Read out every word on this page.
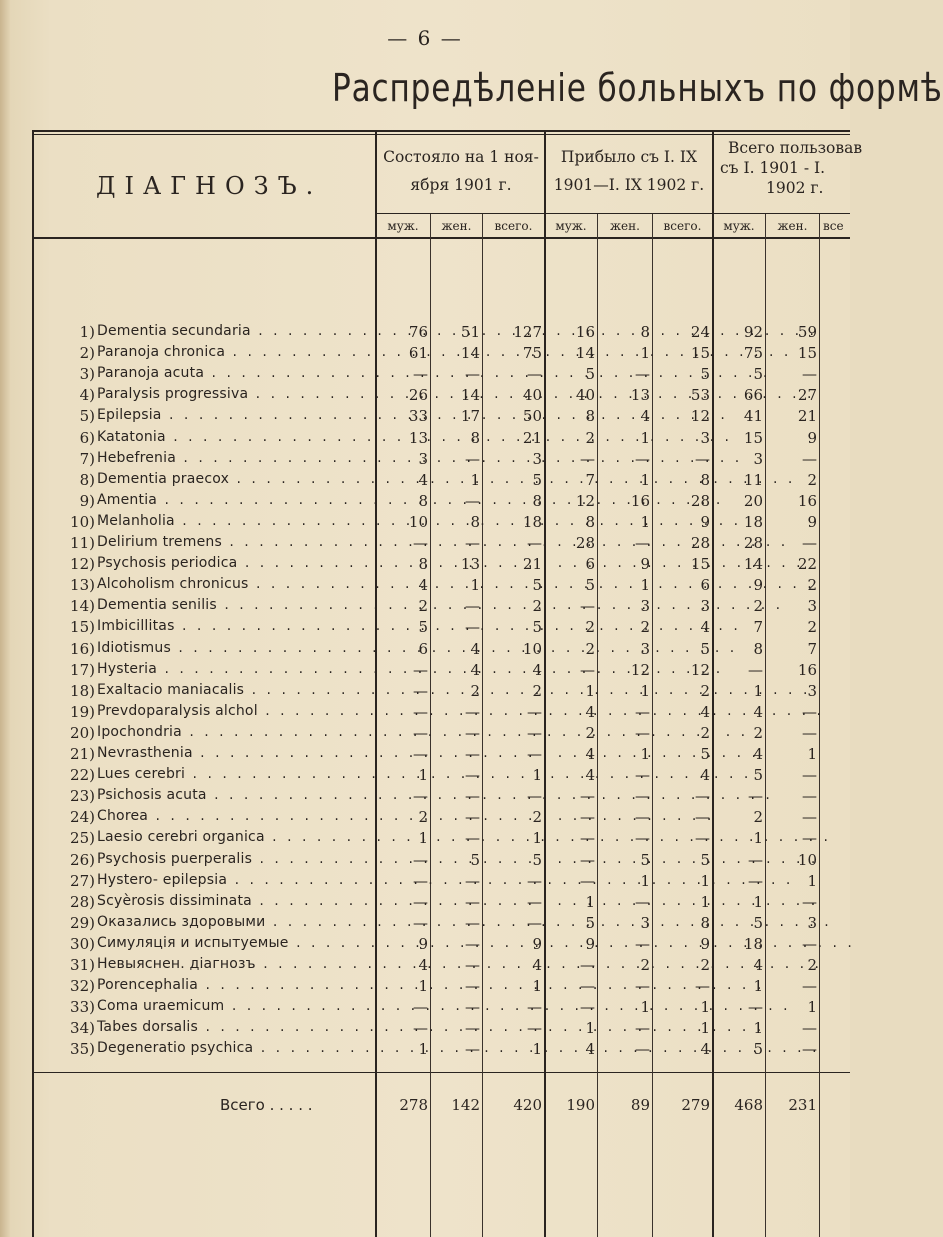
— 6 —
Распредѣленіе больныхъ по формѣ
ДІАГНОЗЪ.
Состояло на 1 ноя-
ября 1901 г.
Прибыло съ I. IX
1901—I. IX 1902 г.
Всего пользовав
съ I. 1901 - I.
1902 г.
муж.	жен.	всего.	муж.	жен.	всего.	муж.	жен.	все
1) Dementia secundaria . . .	76	51	127	16	8	24	92	59
2) Paranoja chronica . . .	61	14	75	14	1	15	75	15
3) Paranoja acuta . . .	—	—	—	5	—	5	5	—
4) Paralysis progressiva . . .	26	14	40	40	13	53	66	27
5) Epilepsia . . .	33	17	50	8	4	12	41	21
6) Katatonia . . .	13	8	21	2	1	3	15	9
7) Hebefrenia . . .	3	—	3	—	—	—	3	—
8) Dementia praecox . . .	4	1	5	7	1	8	11	2
9) Amentia . . .	8	—	8	12	16	28	20	16
10) Melanholia . . .	10	8	18	8	1	9	18	9
11) Delirium tremens . . .	—	—	—	28	—	28	28	—
12) Psychosis periodica . . .	8	13	21	6	9	15	14	22
13) Alcoholism chronicus . . .	4	1	5	5	1	6	9	2
14) Dementia senilis . . .	2	—	2	—	3	3	2	3
15) Imbicillitas . . .	5	—	5	2	2	4	7	2
16) Idiotismus . . .	6	4	10	2	3	5	8	7
17) Hysteria . . .	—	4	4	—	12	12	—	16
18) Exaltacio maniacalis . . .	—	2	2	1	1	2	1	3
19) Prevdoparalysis alchol . . .	—	—	—	4	—	4	4	—
20) Ipochondria . . .	—	—	—	2	—	2	2	—
21) Nevrasthenia . . .	—	—	—	4	1	5	4	1
22) Lues cerebri . . .	1	—	1	4	—	4	5	—
23) Psichosis acuta . . .	—	—	—	—	—	—	—	—
24) Chorea . . .	2	—	2	—	—	—	2	—
25) Laesio cerebri organica . . .	1	—	1	—	—	—	1	—
26) Psychosis puerperalis . . .	—	5	5	—	5	5	—	10
27) Hystero- epilepsia . . .	—	—	—	—	1	1	—	1
28) Scyèrosis dissiminata . . .	—	—	—	1	—	1	1	—
29) Оказались здоровыми . . .	—	—	—	5	3	8	5	3
30) Симуляція и испытуемые . . .	9	—	9	9	—	9	18	—
31) Невыяснен. діагнозъ . . .	4	—	4	—	2	2	4	2
32) Porencephalia . . .	1	—	1	—	—	—	1	—
33) Coma uraemicum . . .	—	—	—	—	1	1	—	1
34) Tabes dorsalis . . .	—	—	—	1	—	1	1	—
35) Degeneratio psychica . . .	1	—	1	4	—	4	5	—
Всего . . . . .	278	142	420	190	89	279	468	231
